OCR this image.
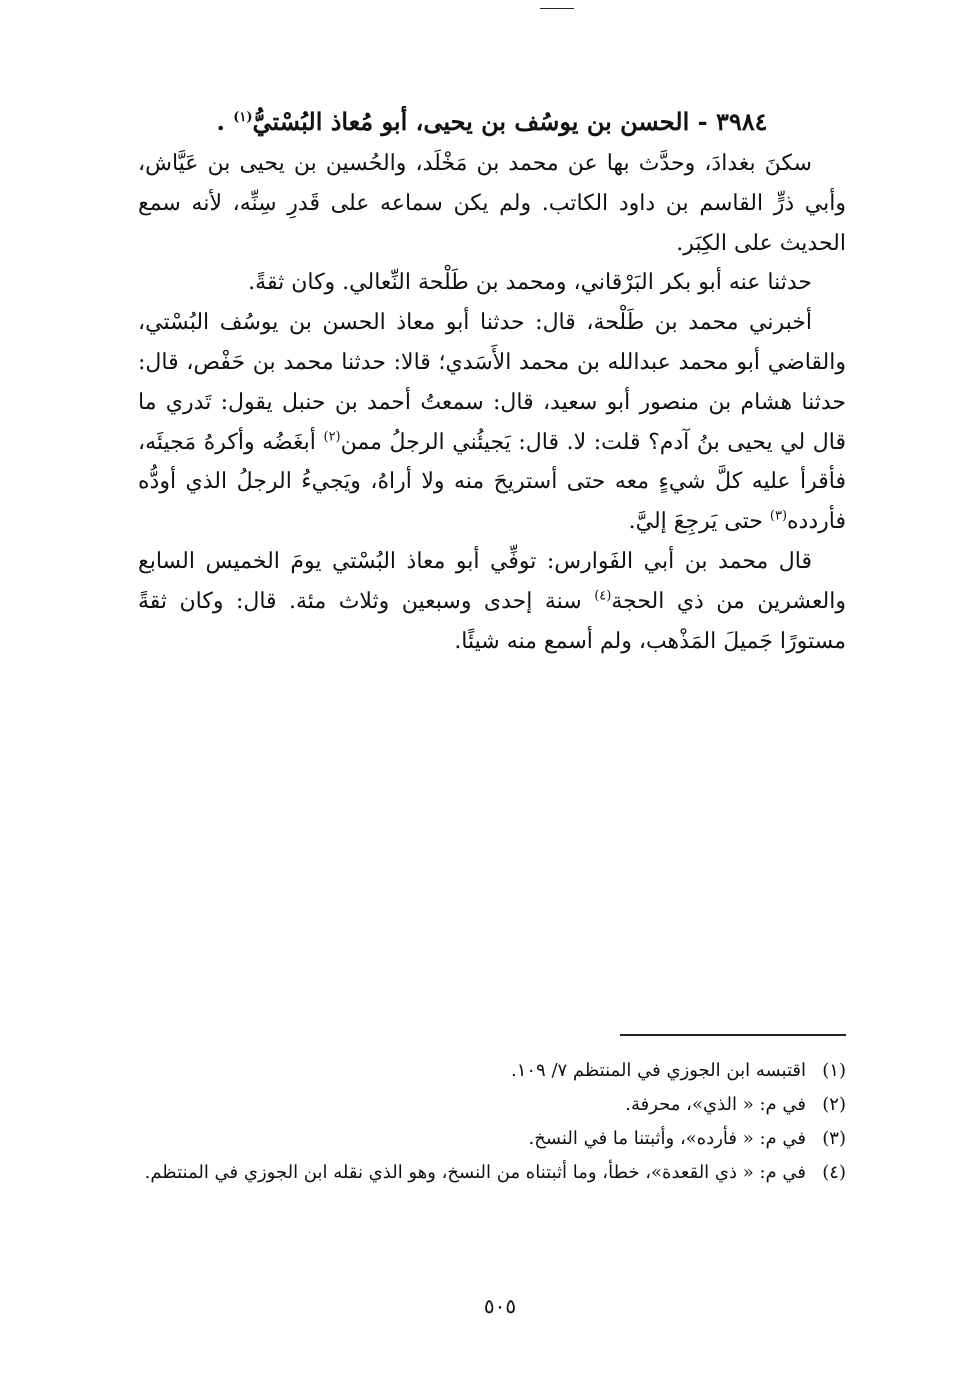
٣٩٨٤ - الحسن بن يوسُف بن يحيى، أبو مُعاذ البُسْتيُّ$^{(١)}$ .

سكنَ بغدادَ، وحدَّث بها عن محمد بن مَخْلَد، والحُسين بن يحيى بن عَيَّاش، وأبي ذرٍّ القاسم بن داود الكاتب. ولم يكن سماعه على قَدرِ سِنِّه، لأنه سمع الحديث على الكِبَر.

حدثنا عنه أبو بكر البَرْقاني، ومحمد بن طَلْحة النِّعالي. وكان ثقةً.

أخبرني محمد بن طَلْحة، قال: حدثنا أبو معاذ الحسن بن يوسُف البُسْتي، والقاضي أبو محمد عبدالله بن محمد الأَسَدي؛ قالا: حدثنا محمد بن حَفْص، قال: حدثنا هشام بن منصور أبو سعيد، قال: سمعتُ أحمد بن حنبل يقول: تَدري ما قال لي يحيى بنُ آدم؟ قلت: لا. قال: يَجيئُني الرجلُ ممن$^{(٢)}$ أبغَضُه وأكرهُ مَجيئَه، فأقرأ عليه كلَّ شيءٍ معه حتى أستريحَ منه ولا أراهُ، ويَجيءُ الرجلُ الذي أودُّه فأردده$^{(٣)}$ حتى يَرجِعَ إليَّ.

قال محمد بن أبي الفَوارس: توفِّي أبو معاذ البُسْتي يومَ الخميس السابع والعشرين من ذي الحجة$^{(٤)}$ سنة إحدى وسبعين وثلاث مئة. قال: وكان ثقةً مستورًا جَميلَ المَذْهب، ولم أسمع منه شيئًا.

(١)
اقتبسه ابن الجوزي في المنتظم ٧/ ١٠٩.
(٢)
في م: « الذي»، محرفة.
(٣)
في م: « فأرده»، وأثبتنا ما في النسخ.
(٤)
في م: « ذي القعدة»، خطأ، وما أثبتناه من النسخ، وهو الذي نقله ابن الجوزي في المنتظم.
٥٠٥
